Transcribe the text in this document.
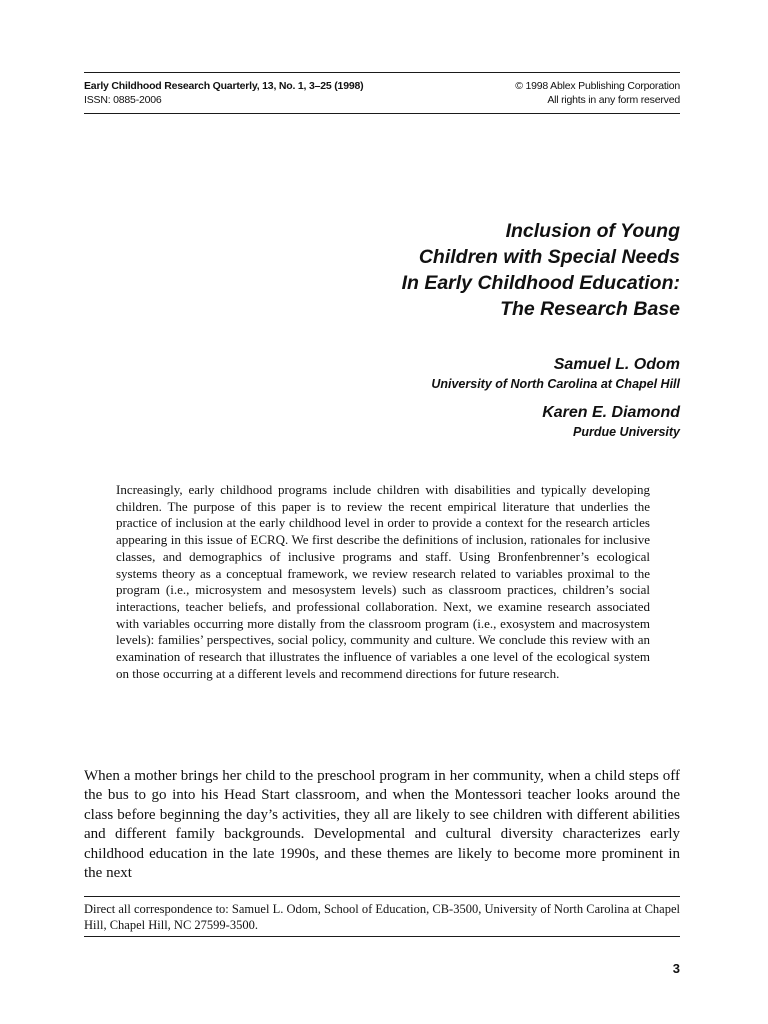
Early Childhood Research Quarterly, 13, No. 1, 3–25 (1998)
ISSN: 0885-2006
© 1998 Ablex Publishing Corporation
All rights in any form reserved
Inclusion of Young
Children with Special Needs
In Early Childhood Education:
The Research Base
Samuel L. Odom
University of North Carolina at Chapel Hill
Karen E. Diamond
Purdue University
Increasingly, early childhood programs include children with disabilities and typically developing children. The purpose of this paper is to review the recent empirical literature that underlies the practice of inclusion at the early childhood level in order to provide a context for the research articles appearing in this issue of ECRQ. We first describe the definitions of inclusion, rationales for inclusive classes, and demographics of inclusive programs and staff. Using Bronfenbrenner’s ecological systems theory as a conceptual framework, we review research related to variables proximal to the program (i.e., microsystem and mesosystem levels) such as classroom practices, children’s social interactions, teacher beliefs, and professional collaboration. Next, we examine research associated with variables occurring more distally from the classroom program (i.e., exosystem and macrosystem levels): families’ perspectives, social policy, community and culture. We conclude this review with an examination of research that illustrates the influence of variables a one level of the ecological system on those occurring at a different levels and recommend directions for future research.
When a mother brings her child to the preschool program in her community, when a child steps off the bus to go into his Head Start classroom, and when the Montessori teacher looks around the class before beginning the day’s activities, they all are likely to see children with different abilities and different family backgrounds. Developmental and cultural diversity characterizes early childhood education in the late 1990s, and these themes are likely to become more prominent in the next
Direct all correspondence to: Samuel L. Odom, School of Education, CB-3500, University of North Carolina at Chapel Hill, Chapel Hill, NC 27599-3500.
3
